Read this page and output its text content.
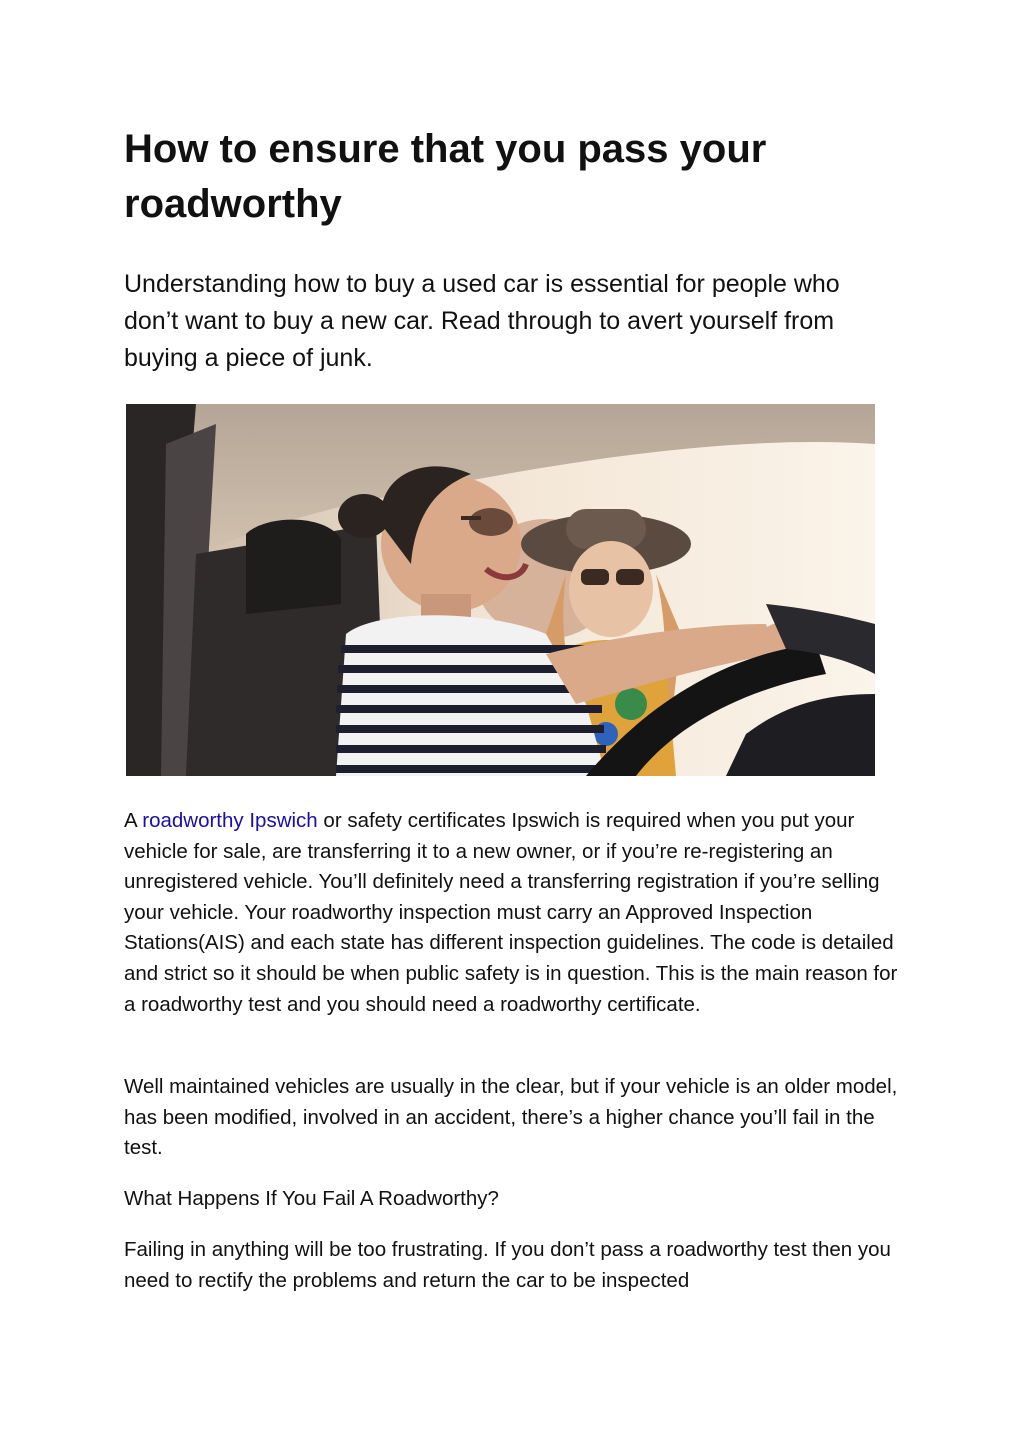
How to ensure that you pass your roadworthy

Understanding how to buy a used car is essential for people who don’t want to buy a new car. Read through to avert yourself from buying a piece of junk.

A roadworthy Ipswich or safety certificates Ipswich is required when you put your vehicle for sale, are transferring it to a new owner, or if you’re re-registering an unregistered vehicle. You’ll definitely need a transferring registration if you’re selling your vehicle. Your roadworthy inspection must carry an Approved Inspection Stations(AIS) and each state has different inspection guidelines. The code is detailed and strict so it should be when public safety is in question. This is the main reason for a roadworthy test and you should need a roadworthy certificate.

Well maintained vehicles are usually in the clear, but if your vehicle is an older model, has been modified, involved in an accident, there’s a higher chance you’ll fail in the test.

What Happens If You Fail A Roadworthy?

Failing in anything will be too frustrating. If you don’t pass a roadworthy test then you need to rectify the problems and return the car to be inspected
